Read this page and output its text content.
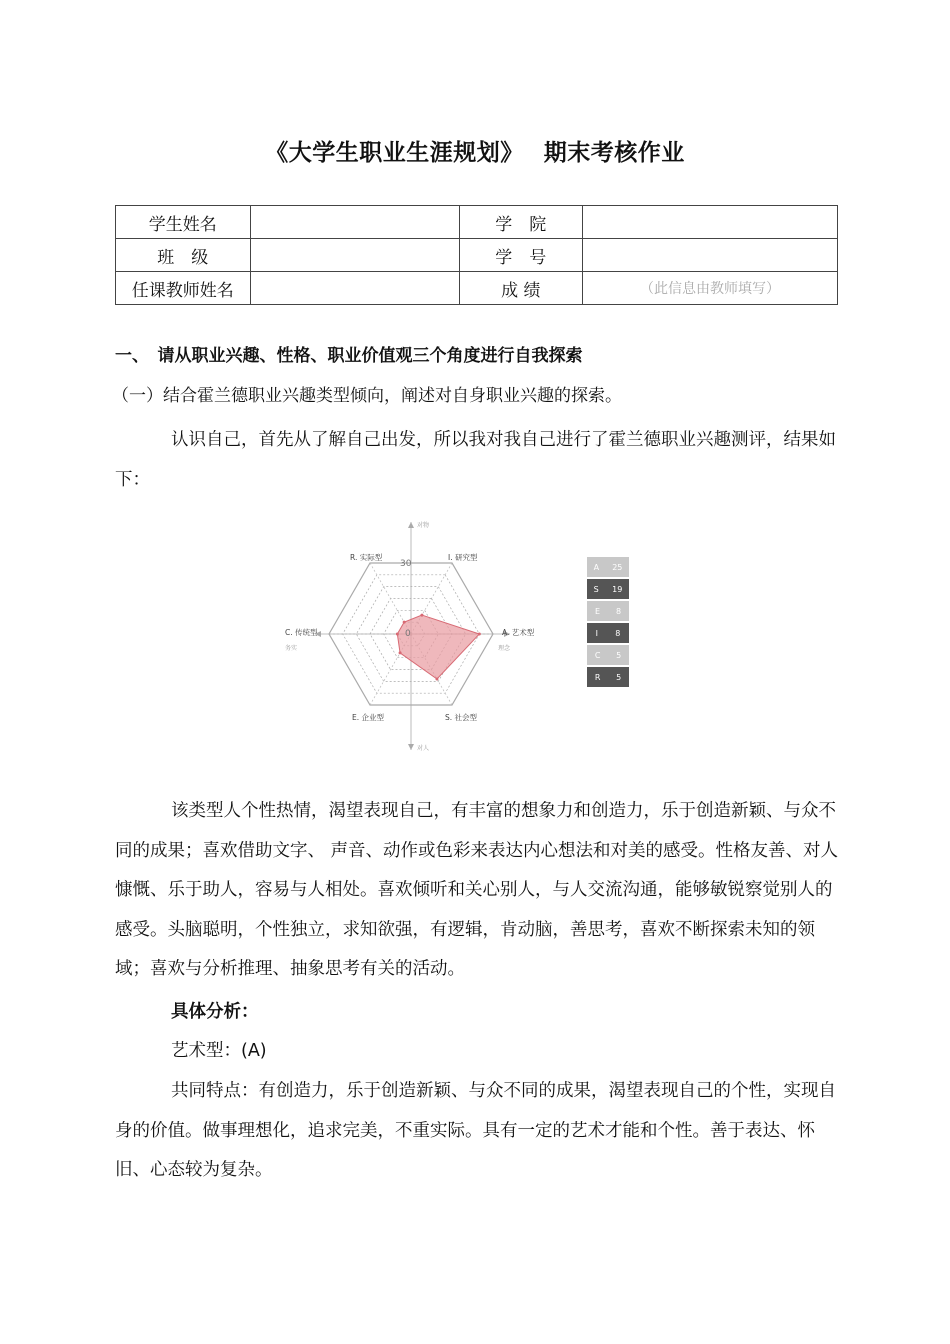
《大学生职业生涯规划》 期末考核作业
学生姓名		学　院	
班　级		学　号	
任课教师姓名		成 绩	（此信息由教师填写）
一、　请从职业兴趣、性格、职业价值观三个角度进行自我探索
（一）结合霍兰德职业兴趣类型倾向，阐述对自身职业兴趣的探索。
认识自己，首先从了解自己出发，所以我对我自己进行了霍兰德职业兴趣测评，结果如下：
I. 研究型
A. 艺术型
S. 社会型
E. 企业型
C. 传统型
R. 实际型
30
0
对物
对人
务实	理念
A 25
S 19
E 8
I 8
C 5
R 5
该类型人个性热情，渴望表现自己，有丰富的想象力和创造力，乐于创造新颖、与众不同的成果；喜欢借助文字、 声音、动作或色彩来表达内心想法和对美的感受。性格友善、对人慷慨、乐于助人，容易与人相处。喜欢倾听和关心别人，与人交流沟通，能够敏锐察觉别人的感受。头脑聪明，个性独立，求知欲强，有逻辑，肯动脑，善思考，喜欢不断探索未知的领域；喜欢与分析推理、抽象思考有关的活动。
具体分析：
艺术型：(A)
共同特点：有创造力，乐于创造新颖、与众不同的成果，渴望表现自己的个性，实现自身的价值。做事理想化，追求完美，不重实际。具有一定的艺术才能和个性。善于表达、怀旧、心态较为复杂。
